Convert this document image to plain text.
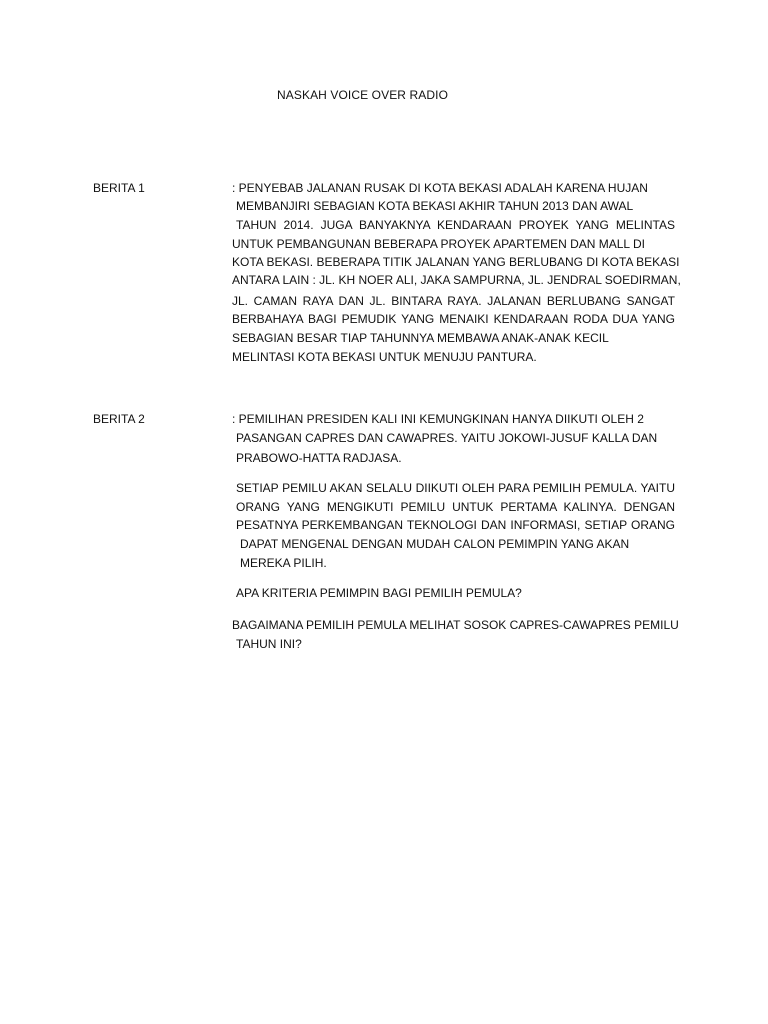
NASKAH VOICE OVER RADIO
BERITA 1	: PENYEBAB JALANAN RUSAK DI KOTA BEKASI ADALAH KARENA HUJAN
MEMBANJIRI SEBAGIAN KOTA BEKASI AKHIR TAHUN 2013 DAN AWAL
TAHUN 2014. JUGA BANYAKNYA KENDARAAN PROYEK YANG MELINTAS
UNTUK PEMBANGUNAN BEBERAPA PROYEK APARTEMEN DAN MALL DI
KOTA BEKASI. BEBERAPA TITIK JALANAN YANG BERLUBANG DI KOTA BEKASI
ANTARA LAIN : JL. KH NOER ALI, JAKA SAMPURNA, JL. JENDRAL SOEDIRMAN,
JL. CAMAN RAYA DAN JL. BINTARA RAYA. JALANAN BERLUBANG SANGAT
BERBAHAYA BAGI PEMUDIK YANG MENAIKI KENDARAAN RODA DUA YANG
SEBAGIAN BESAR TIAP TAHUNNYA MEMBAWA ANAK-ANAK KECIL
MELINTASI KOTA BEKASI UNTUK MENUJU PANTURA.
BERITA 2	: PEMILIHAN PRESIDEN KALI INI KEMUNGKINAN HANYA DIIKUTI OLEH 2
PASANGAN CAPRES DAN CAWAPRES. YAITU JOKOWI-JUSUF KALLA DAN
PRABOWO-HATTA RADJASA.
SETIAP PEMILU AKAN SELALU DIIKUTI OLEH PARA PEMILIH PEMULA. YAITU
ORANG YANG MENGIKUTI PEMILU UNTUK PERTAMA KALINYA. DENGAN
PESATNYA PERKEMBANGAN TEKNOLOGI DAN INFORMASI, SETIAP ORANG
DAPAT MENGENAL DENGAN MUDAH CALON PEMIMPIN YANG AKAN
MEREKA PILIH.
APA KRITERIA PEMIMPIN BAGI PEMILIH PEMULA?
BAGAIMANA PEMILIH PEMULA MELIHAT SOSOK CAPRES-CAWAPRES PEMILU
TAHUN INI?
